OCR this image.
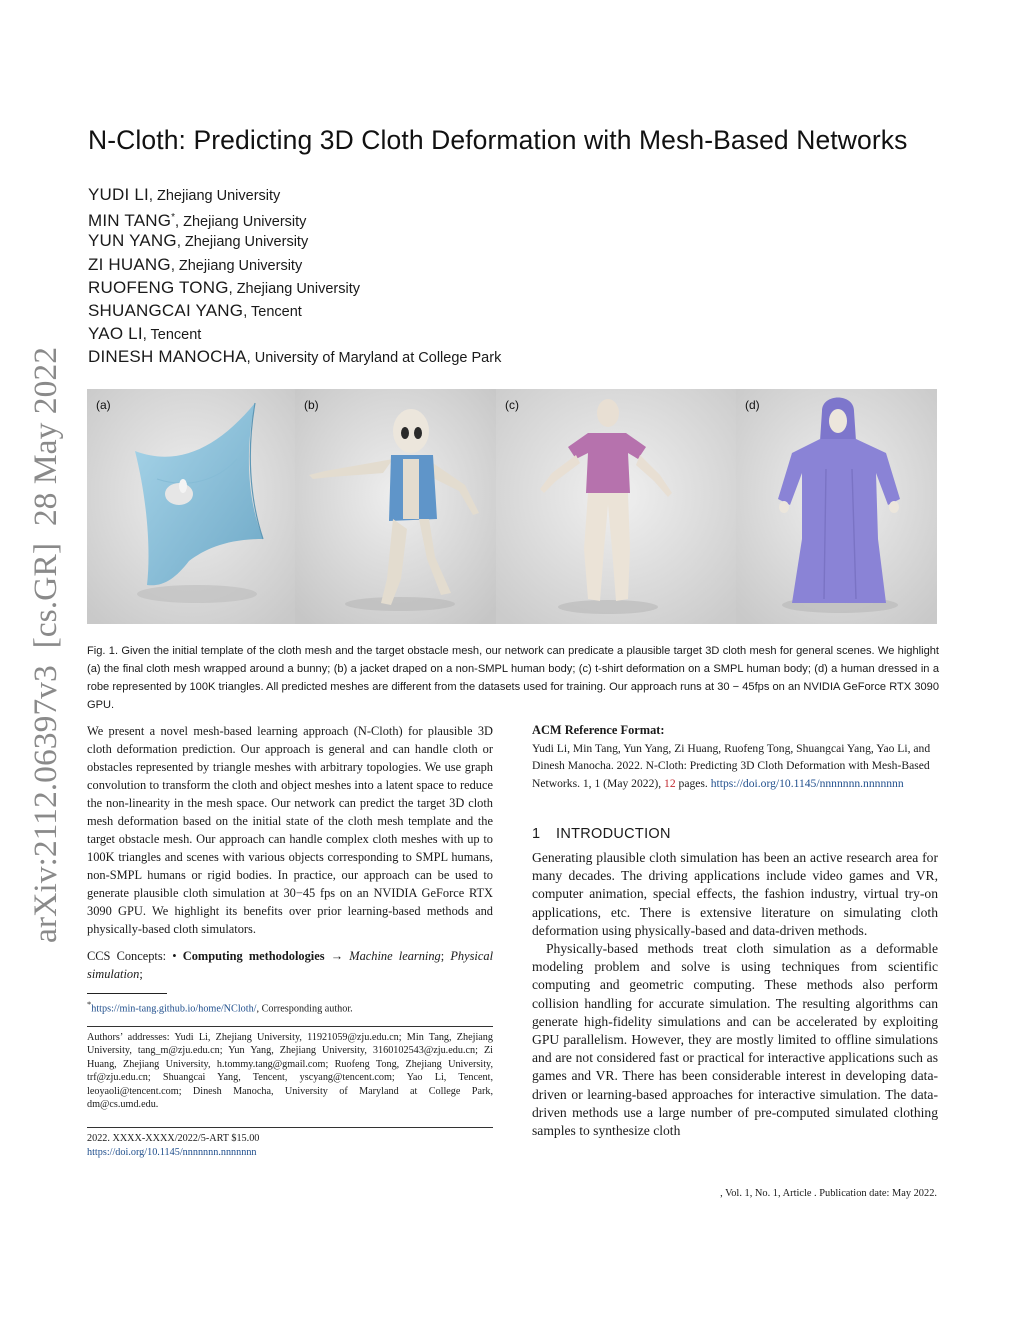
arXiv:2112.06397v3  [cs.GR]  28 May 2022
N-Cloth: Predicting 3D Cloth Deformation with Mesh-Based Networks
YUDI LI, Zhejiang University
MIN TANG*, Zhejiang University
YUN YANG, Zhejiang University
ZI HUANG, Zhejiang University
RUOFENG TONG, Zhejiang University
SHUANGCAI YANG, Tencent
YAO LI, Tencent
DINESH MANOCHA, University of Maryland at College Park
(a)	(b)	(c)	(d)

Fig. 1. Given the initial template of the cloth mesh and the target obstacle mesh, our network can predicate a plausible target 3D cloth mesh for general scenes. We highlight (a) the final cloth mesh wrapped around a bunny; (b) a jacket draped on a non-SMPL human body; (c) t-shirt deformation on a SMPL human body; (d) a human dressed in a robe represented by 100K triangles. All predicted meshes are different from the datasets used for training. Our approach runs at 30 − 45fps on an NVIDIA GeForce RTX 3090 GPU.

We present a novel mesh-based learning approach (N-Cloth) for plausible 3D cloth deformation prediction. Our approach is general and can handle cloth or obstacles represented by triangle meshes with arbitrary topologies. We use graph convolution to transform the cloth and object meshes into a latent space to reduce the non-linearity in the mesh space. Our network can predict the target 3D cloth mesh deformation based on the initial state of the cloth mesh template and the target obstacle mesh. Our approach can handle complex cloth meshes with up to 100K triangles and scenes with various objects corresponding to SMPL humans, non-SMPL humans or rigid bodies. In practice, our approach can be used to generate plausible cloth simulation at 30−45 fps on an NVIDIA GeForce RTX 3090 GPU. We highlight its benefits over prior learning-based methods and physically-based cloth simulators.

CCS Concepts: • Computing methodologies → Machine learning; Physical simulation;

*https://min-tang.github.io/home/NCloth/, Corresponding author.

Authors’ addresses: Yudi Li, Zhejiang University, 11921059@zju.edu.cn; Min Tang, Zhejiang University, tang_m@zju.edu.cn; Yun Yang, Zhejiang University, 3160102543@zju.edu.cn; Zi Huang, Zhejiang University, h.tommy.tang@gmail.com; Ruofeng Tong, Zhejiang University, trf@zju.edu.cn; Shuangcai Yang, Tencent, yscyang@tencent.com; Yao Li, Tencent, leoyaoli@tencent.com; Dinesh Manocha, University of Maryland at College Park, dm@cs.umd.edu.

2022. XXXX-XXXX/2022/5-ART $15.00
https://doi.org/10.1145/nnnnnnn.nnnnnnn

ACM Reference Format:
Yudi Li, Min Tang, Yun Yang, Zi Huang, Ruofeng Tong, Shuangcai Yang, Yao Li, and Dinesh Manocha. 2022. N-Cloth: Predicting 3D Cloth Deformation with Mesh-Based Networks. 1, 1 (May 2022), 12 pages. https://doi.org/10.1145/nnnnnnn.nnnnnnn

1 INTRODUCTION

Generating plausible cloth simulation has been an active research area for many decades. The driving applications include video games and VR, computer animation, special effects, the fashion industry, virtual try-on applications, etc. There is extensive literature on simulating cloth deformation using physically-based and data-driven methods.

Physically-based methods treat cloth simulation as a deformable modeling problem and solve is using techniques from scientific computing and geometric computing. These methods also perform collision handling for accurate simulation. The resulting algorithms can generate high-fidelity simulations and can be accelerated by exploiting GPU parallelism. However, they are mostly limited to offline simulations and are not considered fast or practical for interactive applications such as games and VR. There has been considerable interest in developing data-driven or learning-based approaches for interactive simulation. The data-driven methods use a large number of pre-computed simulated clothing samples to synthesize cloth

, Vol. 1, No. 1, Article . Publication date: May 2022.
